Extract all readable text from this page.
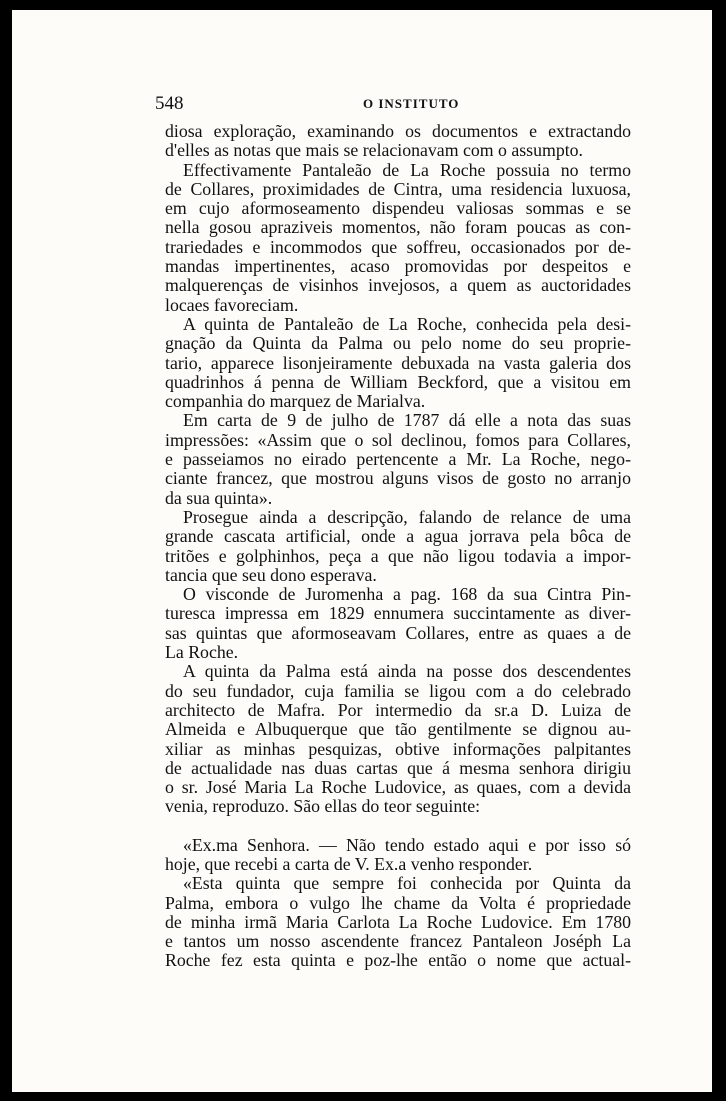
548	O INSTITUTO
diosa exploração, examinando os documentos e extractando
d'elles as notas que mais se relacionavam com o assumpto.
Effectivamente Pantaleão de La Roche possuia no termo
de Collares, proximidades de Cintra, uma residencia luxuosa,
em cujo aformoseamento dispendeu valiosas sommas e se
nella gosou apraziveis momentos, não foram poucas as con-
trariedades e incommodos que soffreu, occasionados por de-
mandas impertinentes, acaso promovidas por despeitos e
malquerenças de visinhos invejosos, a quem as auctoridades
locaes favoreciam.
A quinta de Pantaleão de La Roche, conhecida pela desi-
gnação da Quinta da Palma ou pelo nome do seu proprie-
tario, apparece lisonjeiramente debuxada na vasta galeria dos
quadrinhos á penna de William Beckford, que a visitou em
companhia do marquez de Marialva.
Em carta de 9 de julho de 1787 dá elle a nota das suas
impressões: «Assim que o sol declinou, fomos para Collares,
e passeiamos no eirado pertencente a Mr. La Roche, nego-
ciante francez, que mostrou alguns visos de gosto no arranjo
da sua quinta».
Prosegue ainda a descripção, falando de relance de uma
grande cascata artificial, onde a agua jorrava pela bôca de
tritões e golphinhos, peça a que não ligou todavia a impor-
tancia que seu dono esperava.
O visconde de Juromenha a pag. 168 da sua Cintra Pin-
turesca impressa em 1829 ennumera succintamente as diver-
sas quintas que aformoseavam Collares, entre as quaes a de
La Roche.
A quinta da Palma está ainda na posse dos descendentes
do seu fundador, cuja familia se ligou com a do celebrado
architecto de Mafra. Por intermedio da sr.a D. Luiza de
Almeida e Albuquerque que tão gentilmente se dignou au-
xiliar as minhas pesquizas, obtive informações palpitantes
de actualidade nas duas cartas que á mesma senhora dirigiu
o sr. José Maria La Roche Ludovice, as quaes, com a devida
venia, reproduzo. São ellas do teor seguinte:
«Ex.ma Senhora. — Não tendo estado aqui e por isso só
hoje, que recebi a carta de V. Ex.a venho responder.
«Esta quinta que sempre foi conhecida por Quinta da
Palma, embora o vulgo lhe chame da Volta é propriedade
de minha irmã Maria Carlota La Roche Ludovice. Em 1780
e tantos um nosso ascendente francez Pantaleon Joséph La
Roche fez esta quinta e poz-lhe então o nome que actual-
